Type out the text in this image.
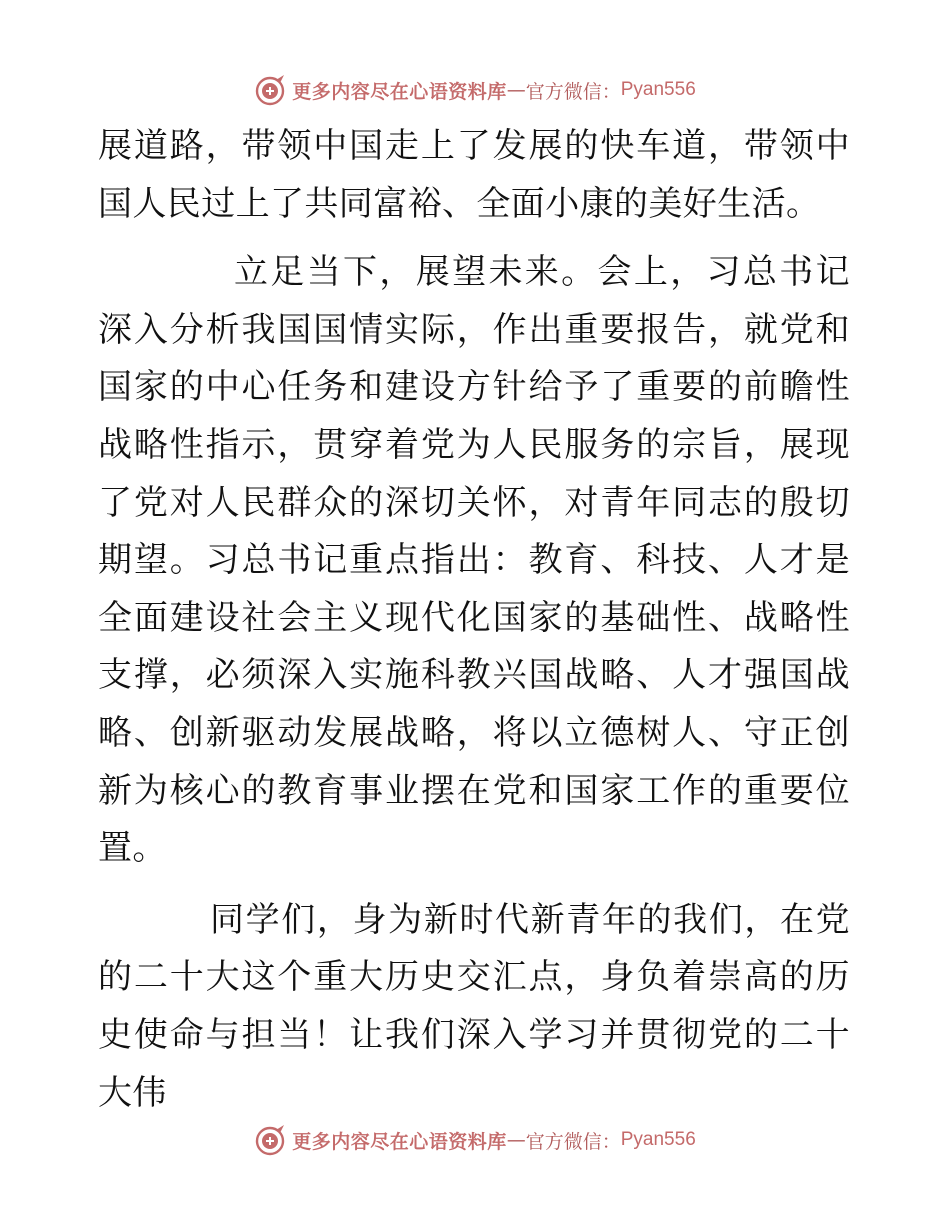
更多内容尽在心语资料库 — 官方微信： Pyan556

展道路，带领中国走上了发展的快车道，带领中国人民过上了共同富裕、全面小康的美好生活。

立足当下，展望未来。会上，习总书记深入分析我国国情实际，作出重要报告，就党和国家的中心任务和建设方针给予了重要的前瞻性战略性指示，贯穿着党为人民服务的宗旨，展现了党对人民群众的深切关怀，对青年同志的殷切期望。习总书记重点指出：教育、科技、人才是全面建设社会主义现代化国家的基础性、战略性支撑，必须深入实施科教兴国战略、人才强国战略、创新驱动发展战略，将以立德树人、守正创新为核心的教育事业摆在党和国家工作的重要位置。

同学们，身为新时代新青年的我们，在党的二十大这个重大历史交汇点，身负着崇高的历史使命与担当！让我们深入学习并贯彻党的二十大伟

更多内容尽在心语资料库 — 官方微信： Pyan556
